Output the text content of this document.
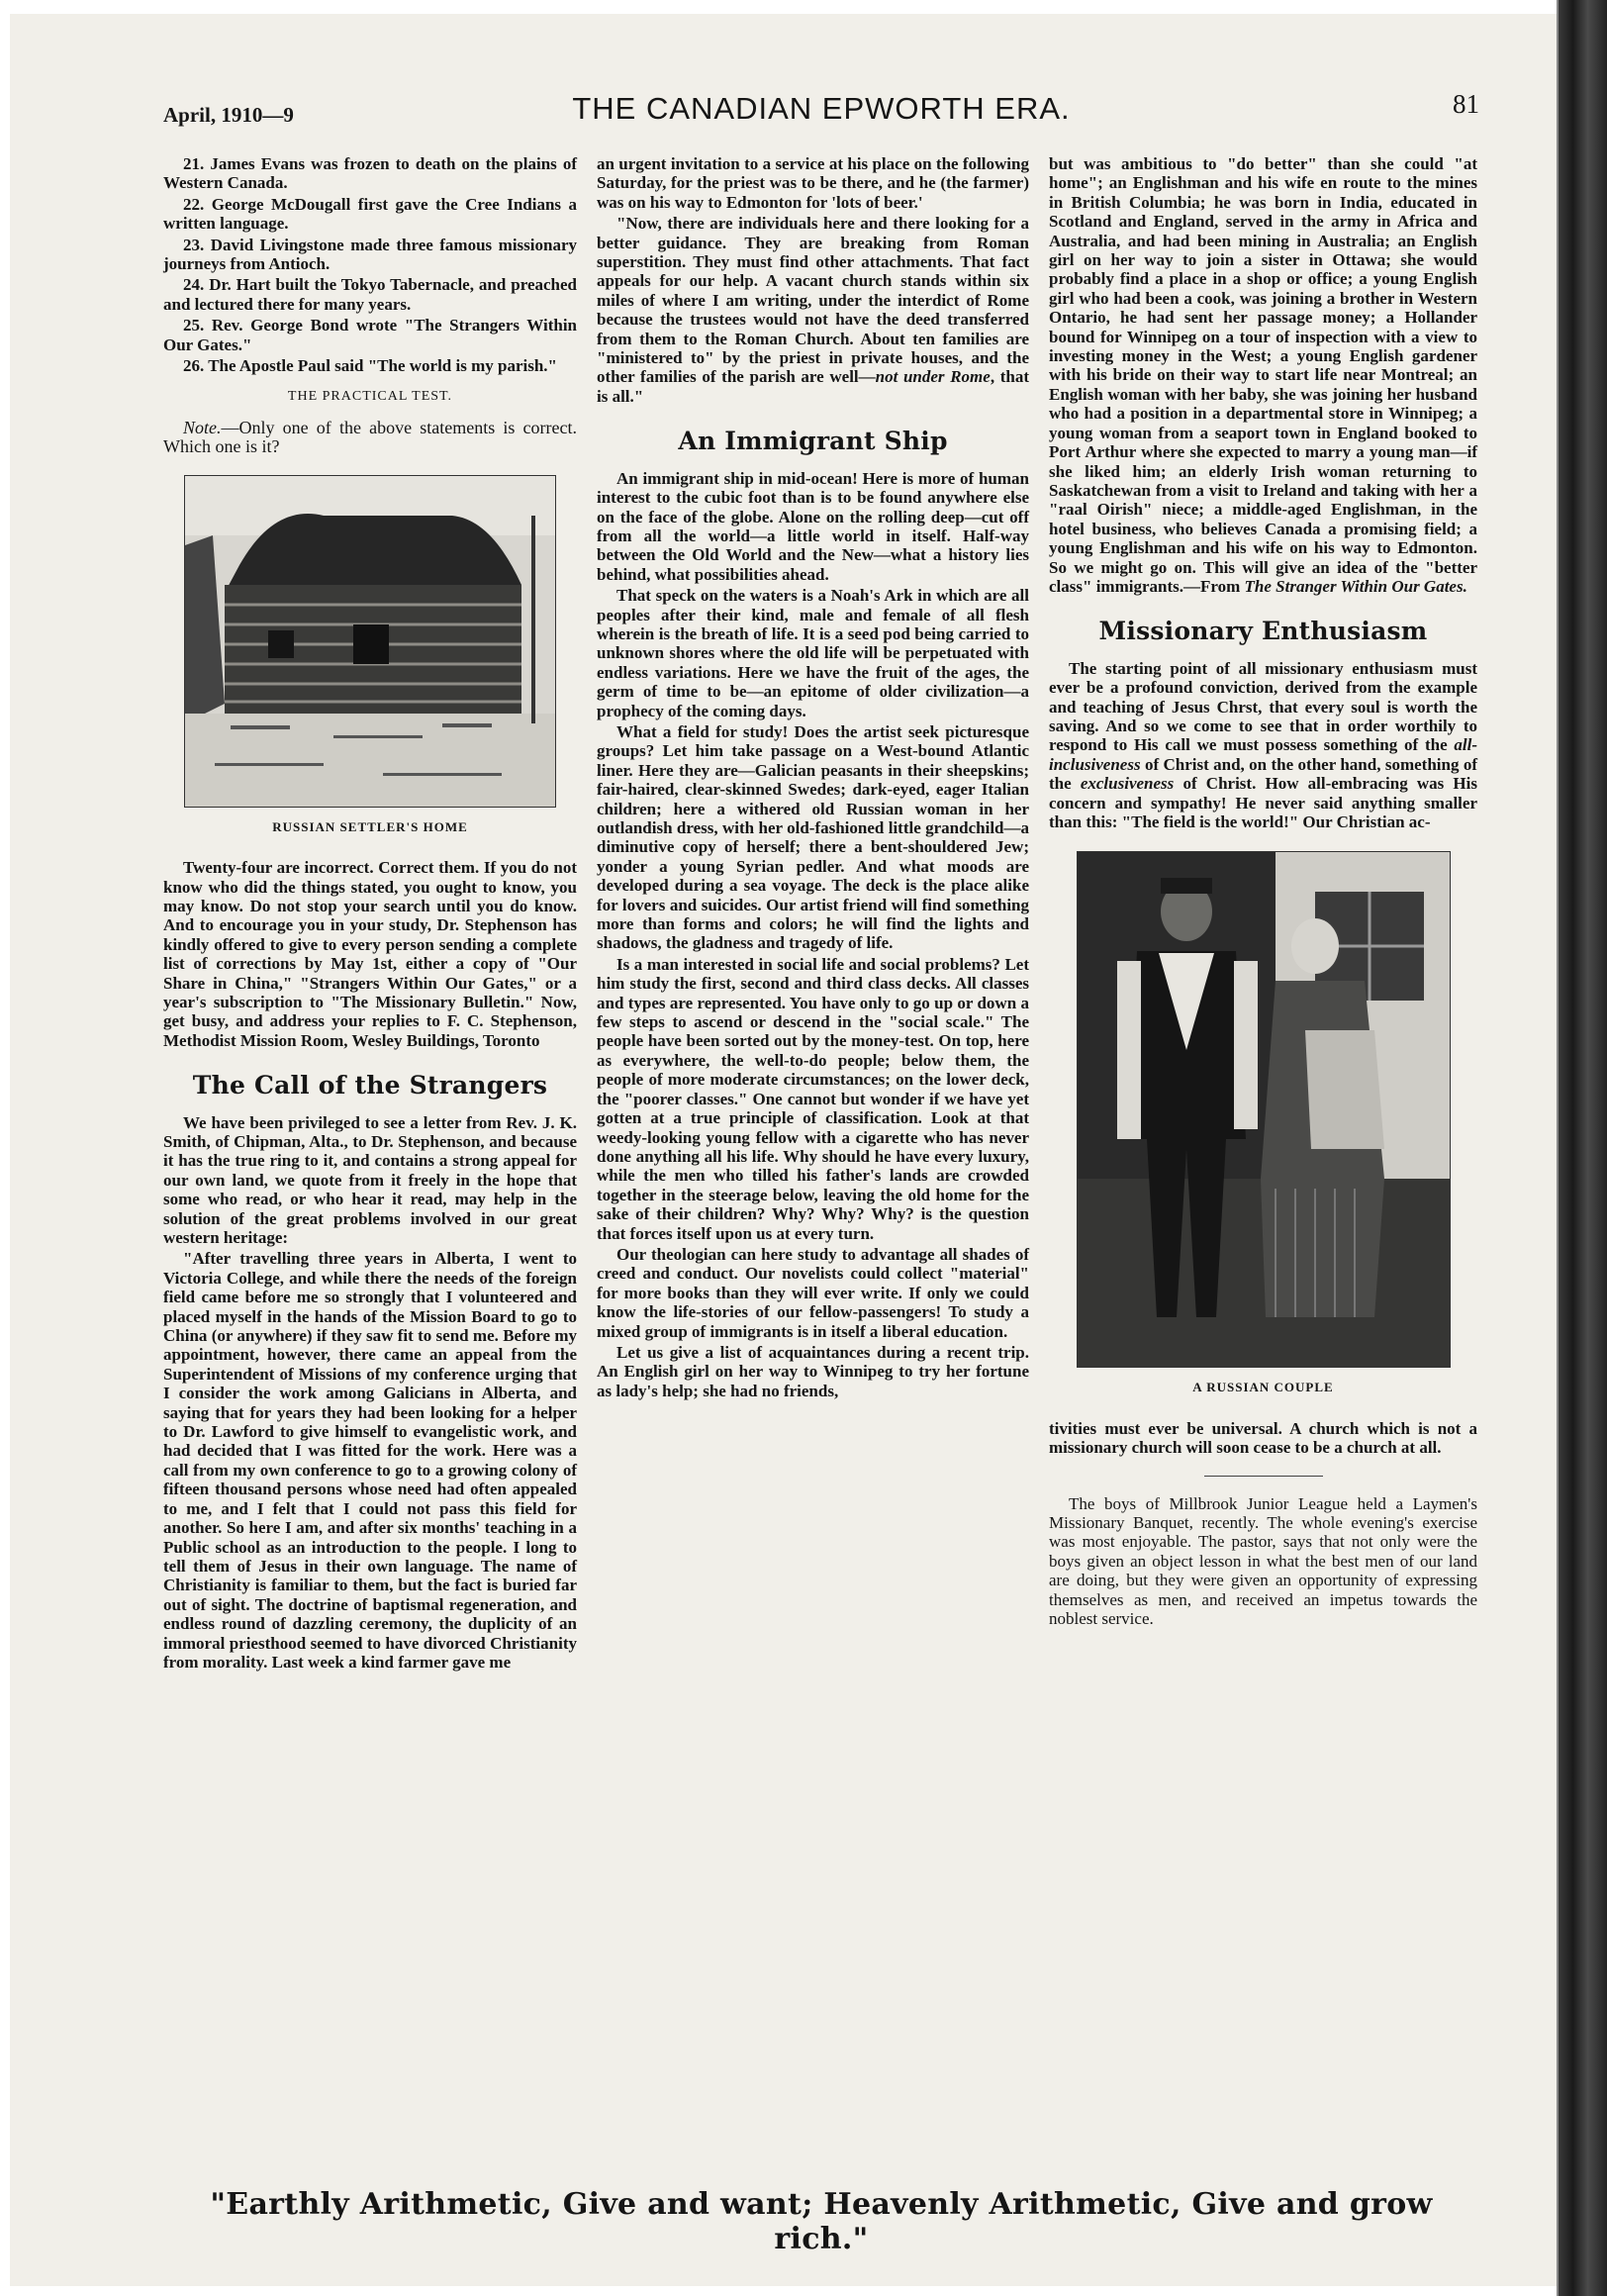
April, 1910—9	THE CANADIAN EPWORTH ERA.	81

21. James Evans was frozen to death on the plains of Western Canada.

22. George McDougall first gave the Cree Indians a written language.

23. David Livingstone made three famous missionary journeys from Antioch.

24. Dr. Hart built the Tokyo Tabernacle, and preached and lectured there for many years.

25. Rev. George Bond wrote "The Strangers Within Our Gates."

26. The Apostle Paul said "The world is my parish."

THE PRACTICAL TEST.

Note.—Only one of the above statements is correct. Which one is it?

RUSSIAN SETTLER'S HOME

Twenty-four are incorrect. Correct them. If you do not know who did the things stated, you ought to know, you may know. Do not stop your search until you do know. And to encourage you in your study, Dr. Stephenson has kindly offered to give to every person sending a complete list of corrections by May 1st, either a copy of "Our Share in China," "Strangers Within Our Gates," or a year's subscription to "The Missionary Bulletin." Now, get busy, and address your replies to F. C. Stephenson, Methodist Mission Room, Wesley Buildings, Toronto

The Call of the Strangers

We have been privileged to see a letter from Rev. J. K. Smith, of Chipman, Alta., to Dr. Stephenson, and because it has the true ring to it, and contains a strong appeal for our own land, we quote from it freely in the hope that some who read, or who hear it read, may help in the solution of the great problems involved in our great western heritage:

"After travelling three years in Alberta, I went to Victoria College, and while there the needs of the foreign field came before me so strongly that I volunteered and placed myself in the hands of the Mission Board to go to China (or anywhere) if they saw fit to send me. Before my appointment, however, there came an appeal from the Superintendent of Missions of my conference urging that I consider the work among Galicians in Alberta, and saying that for years they had been looking for a helper to Dr. Lawford to give himself to evangelistic work, and had decided that I was fitted for the work. Here was a call from my own conference to go to a growing colony of fifteen thousand persons whose need had often appealed to me, and I felt that I could not pass this field for another. So here I am, and after six months' teaching in a Public school as an introduction to the people. I long to tell them of Jesus in their own language. The name of Christianity is familiar to them, but the fact is buried far out of sight. The doctrine of baptismal regeneration, and endless round of dazzling ceremony, the duplicity of an immoral priesthood seemed to have divorced Christianity from morality. Last week a kind farmer gave me

an urgent invitation to a service at his place on the following Saturday, for the priest was to be there, and he (the farmer) was on his way to Edmonton for 'lots of beer.'

"Now, there are individuals here and there looking for a better guidance. They are breaking from Roman superstition. They must find other attachments. That fact appeals for our help. A vacant church stands within six miles of where I am writing, under the interdict of Rome because the trustees would not have the deed transferred from them to the Roman Church. About ten families are "ministered to" by the priest in private houses, and the other families of the parish are well—not under Rome, that is all."

An Immigrant Ship

An immigrant ship in mid-ocean! Here is more of human interest to the cubic foot than is to be found anywhere else on the face of the globe. Alone on the rolling deep—cut off from all the world—a little world in itself. Half-way between the Old World and the New—what a history lies behind, what possibilities ahead.

That speck on the waters is a Noah's Ark in which are all peoples after their kind, male and female of all flesh wherein is the breath of life. It is a seed pod being carried to unknown shores where the old life will be perpetuated with endless variations. Here we have the fruit of the ages, the germ of time to be—an epitome of older civilization—a prophecy of the coming days.

What a field for study! Does the artist seek picturesque groups? Let him take passage on a West-bound Atlantic liner. Here they are—Galician peasants in their sheepskins; fair-haired, clear-skinned Swedes; dark-eyed, eager Italian children; here a withered old Russian woman in her outlandish dress, with her old-fashioned little grandchild—a diminutive copy of herself; there a bent-shouldered Jew; yonder a young Syrian pedler. And what moods are developed during a sea voyage. The deck is the place alike for lovers and suicides. Our artist friend will find something more than forms and colors; he will find the lights and shadows, the gladness and tragedy of life.

Is a man interested in social life and social problems? Let him study the first, second and third class decks. All classes and types are represented. You have only to go up or down a few steps to ascend or descend in the "social scale." The people have been sorted out by the money-test. On top, here as everywhere, the well-to-do people; below them, the people of more moderate circumstances; on the lower deck, the "poorer classes." One cannot but wonder if we have yet gotten at a true principle of classification. Look at that weedy-looking young fellow with a cigarette who has never done anything all his life. Why should he have every luxury, while the men who tilled his father's lands are crowded together in the steerage below, leaving the old home for the sake of their children? Why? Why? Why? is the question that forces itself upon us at every turn.

Our theologian can here study to advantage all shades of creed and conduct. Our novelists could collect "material" for more books than they will ever write. If only we could know the life-stories of our fellow-passengers! To study a mixed group of immigrants is in itself a liberal education.

Let us give a list of acquaintances during a recent trip. An English girl on her way to Winnipeg to try her fortune as lady's help; she had no friends,

but was ambitious to "do better" than she could "at home"; an Englishman and his wife en route to the mines in British Columbia; he was born in India, educated in Scotland and England, served in the army in Africa and Australia, and had been mining in Australia; an English girl on her way to join a sister in Ottawa; she would probably find a place in a shop or office; a young English girl who had been a cook, was joining a brother in Western Ontario, he had sent her passage money; a Hollander bound for Winnipeg on a tour of inspection with a view to investing money in the West; a young English gardener with his bride on their way to start life near Montreal; an English woman with her baby, she was joining her husband who had a position in a departmental store in Winnipeg; a young woman from a seaport town in England booked to Port Arthur where she expected to marry a young man—if she liked him; an elderly Irish woman returning to Saskatchewan from a visit to Ireland and taking with her a "raal Oirish" niece; a middle-aged Englishman, in the hotel business, who believes Canada a promising field; a young Englishman and his wife on his way to Edmonton. So we might go on. This will give an idea of the "better class" immigrants.—From The Stranger Within Our Gates.

Missionary Enthusiasm

The starting point of all missionary enthusiasm must ever be a profound conviction, derived from the example and teaching of Jesus Chrst, that every soul is worth the saving. And so we come to see that in order worthily to respond to His call we must possess something of the all-inclusiveness of Christ and, on the other hand, something of the exclusiveness of Christ. How all-embracing was His concern and sympathy! He never said anything smaller than this: "The field is the world!" Our Christian ac-

A RUSSIAN COUPLE

tivities must ever be universal. A church which is not a missionary church will soon cease to be a church at all.

The boys of Millbrook Junior League held a Laymen's Missionary Banquet, recently. The whole evening's exercise was most enjoyable. The pastor, says that not only were the boys given an object lesson in what the best men of our land are doing, but they were given an opportunity of expressing themselves as men, and received an impetus towards the noblest service.

"Earthly Arithmetic, Give and want; Heavenly Arithmetic, Give and grow rich."
